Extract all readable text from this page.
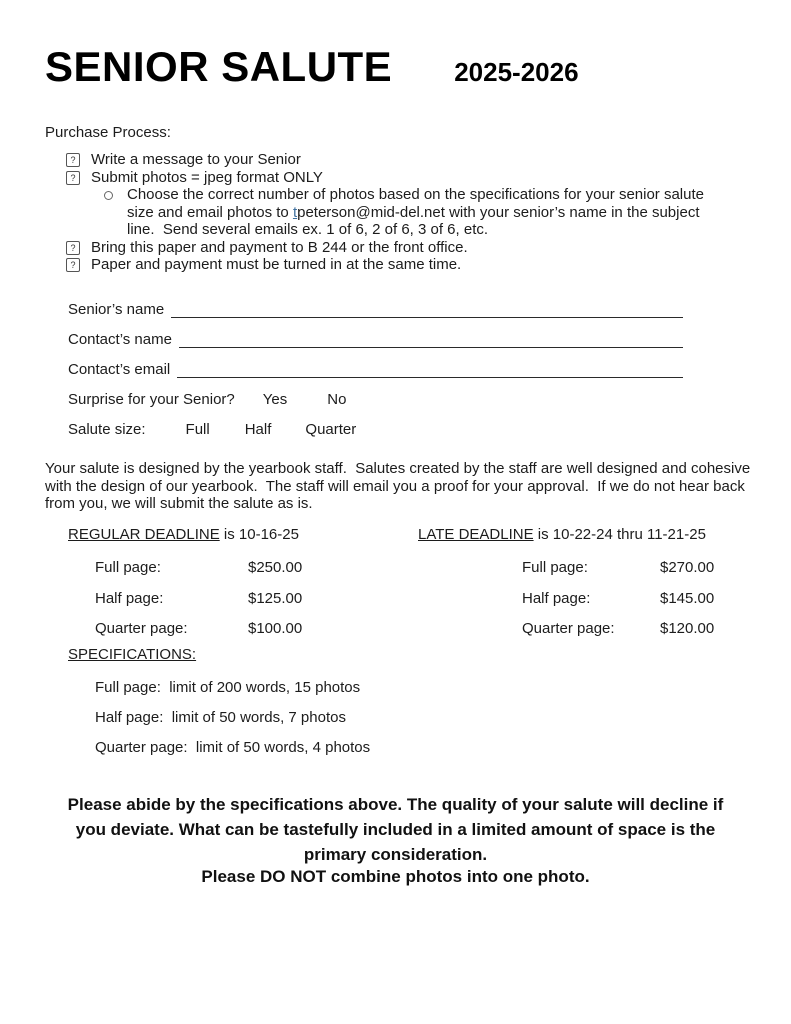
SENIOR SALUTE 2025-2026
Purchase Process:
?	Write a message to your Senior
?	Submit photos = jpeg format ONLY
Choose the correct number of photos based on the specifications for your senior salute size and email photos to tpeterson@mid-del.net with your senior’s name in the subject line.  Send several emails ex. 1 of 6, 2 of 6, 3 of 6, etc.
?	Bring this paper and payment to B 244 or the front office.
?	Paper and payment must be turned in at the same time.
Senior’s name
Contact’s name
Contact’s email
Surprise for your Senior? Yes	No
Salute size:	Full Half Quarter
Your salute is designed by the yearbook staff.  Salutes created by the staff are well designed and cohesive with the design of our yearbook.  The staff will email you a proof for your approval.  If we do not hear back from you, we will submit the salute as is.
REGULAR DEADLINE is 10-16-25
Full page:	$250.00
Half page:	$125.00
Quarter page:	$100.00
LATE DEADLINE is 10-22-24 thru 11-21-25
Full page:	$270.00
Half page:	$145.00
Quarter page:	$120.00
SPECIFICATIONS:
Full page:  limit of 200 words, 15 photos
Half page:  limit of 50 words, 7 photos
Quarter page:  limit of 50 words, 4 photos
Please abide by the specifications above. The quality of your salute will decline if you deviate. What can be tastefully included in a limited amount of space is the primary consideration.
Please DO NOT combine photos into one photo.
